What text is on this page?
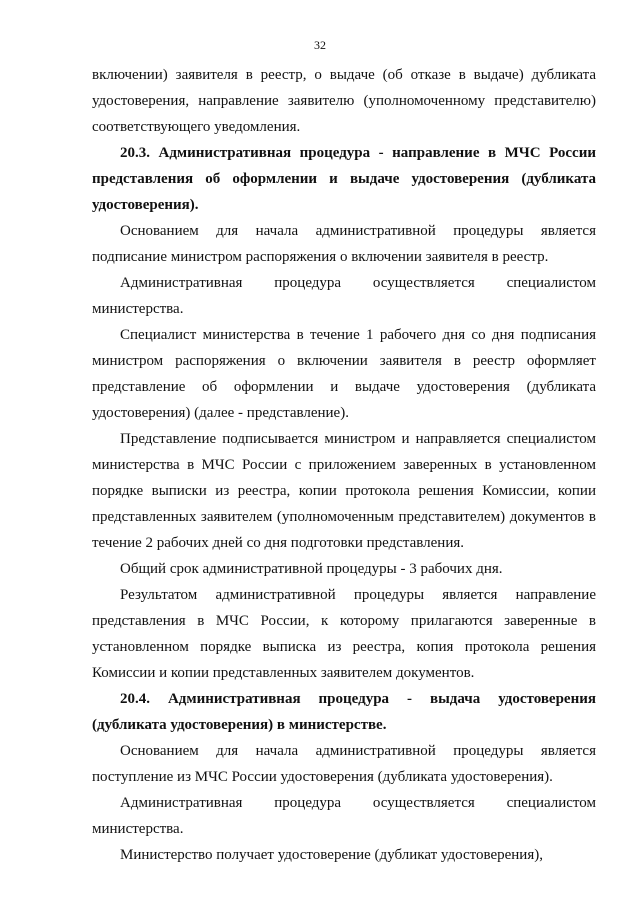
32

включении) заявителя в реестр, о выдаче (об отказе в выдаче) дубликата удостоверения, направление заявителю (уполномоченному представителю) соответствующего уведомления.

20.3. Административная процедура - направление в МЧС России представления об оформлении и выдаче удостоверения (дубликата удостоверения).

Основанием для начала административной процедуры является подписание министром распоряжения о включении заявителя в реестр.

Административная процедура осуществляется специалистом министерства.

Специалист министерства в течение 1 рабочего дня со дня подписания министром распоряжения о включении заявителя в реестр оформляет представление об оформлении и выдаче удостоверения (дубликата удостоверения) (далее - представление).

Представление подписывается министром и направляется специалистом министерства в МЧС России с приложением заверенных в установленном порядке выписки из реестра, копии протокола решения Комиссии, копии представленных заявителем (уполномоченным представителем) документов в течение 2 рабочих дней со дня подготовки представления.

Общий срок административной процедуры - 3 рабочих дня.

Результатом административной процедуры является направление представления в МЧС России, к которому прилагаются заверенные в установленном порядке выписка из реестра, копия протокола решения Комиссии и копии представленных заявителем документов.

20.4. Административная процедура - выдача удостоверения (дубликата удостоверения) в министерстве.

Основанием для начала административной процедуры является поступление из МЧС России удостоверения (дубликата удостоверения).

Административная процедура осуществляется специалистом министерства.

Министерство получает удостоверение (дубликат удостоверения),
